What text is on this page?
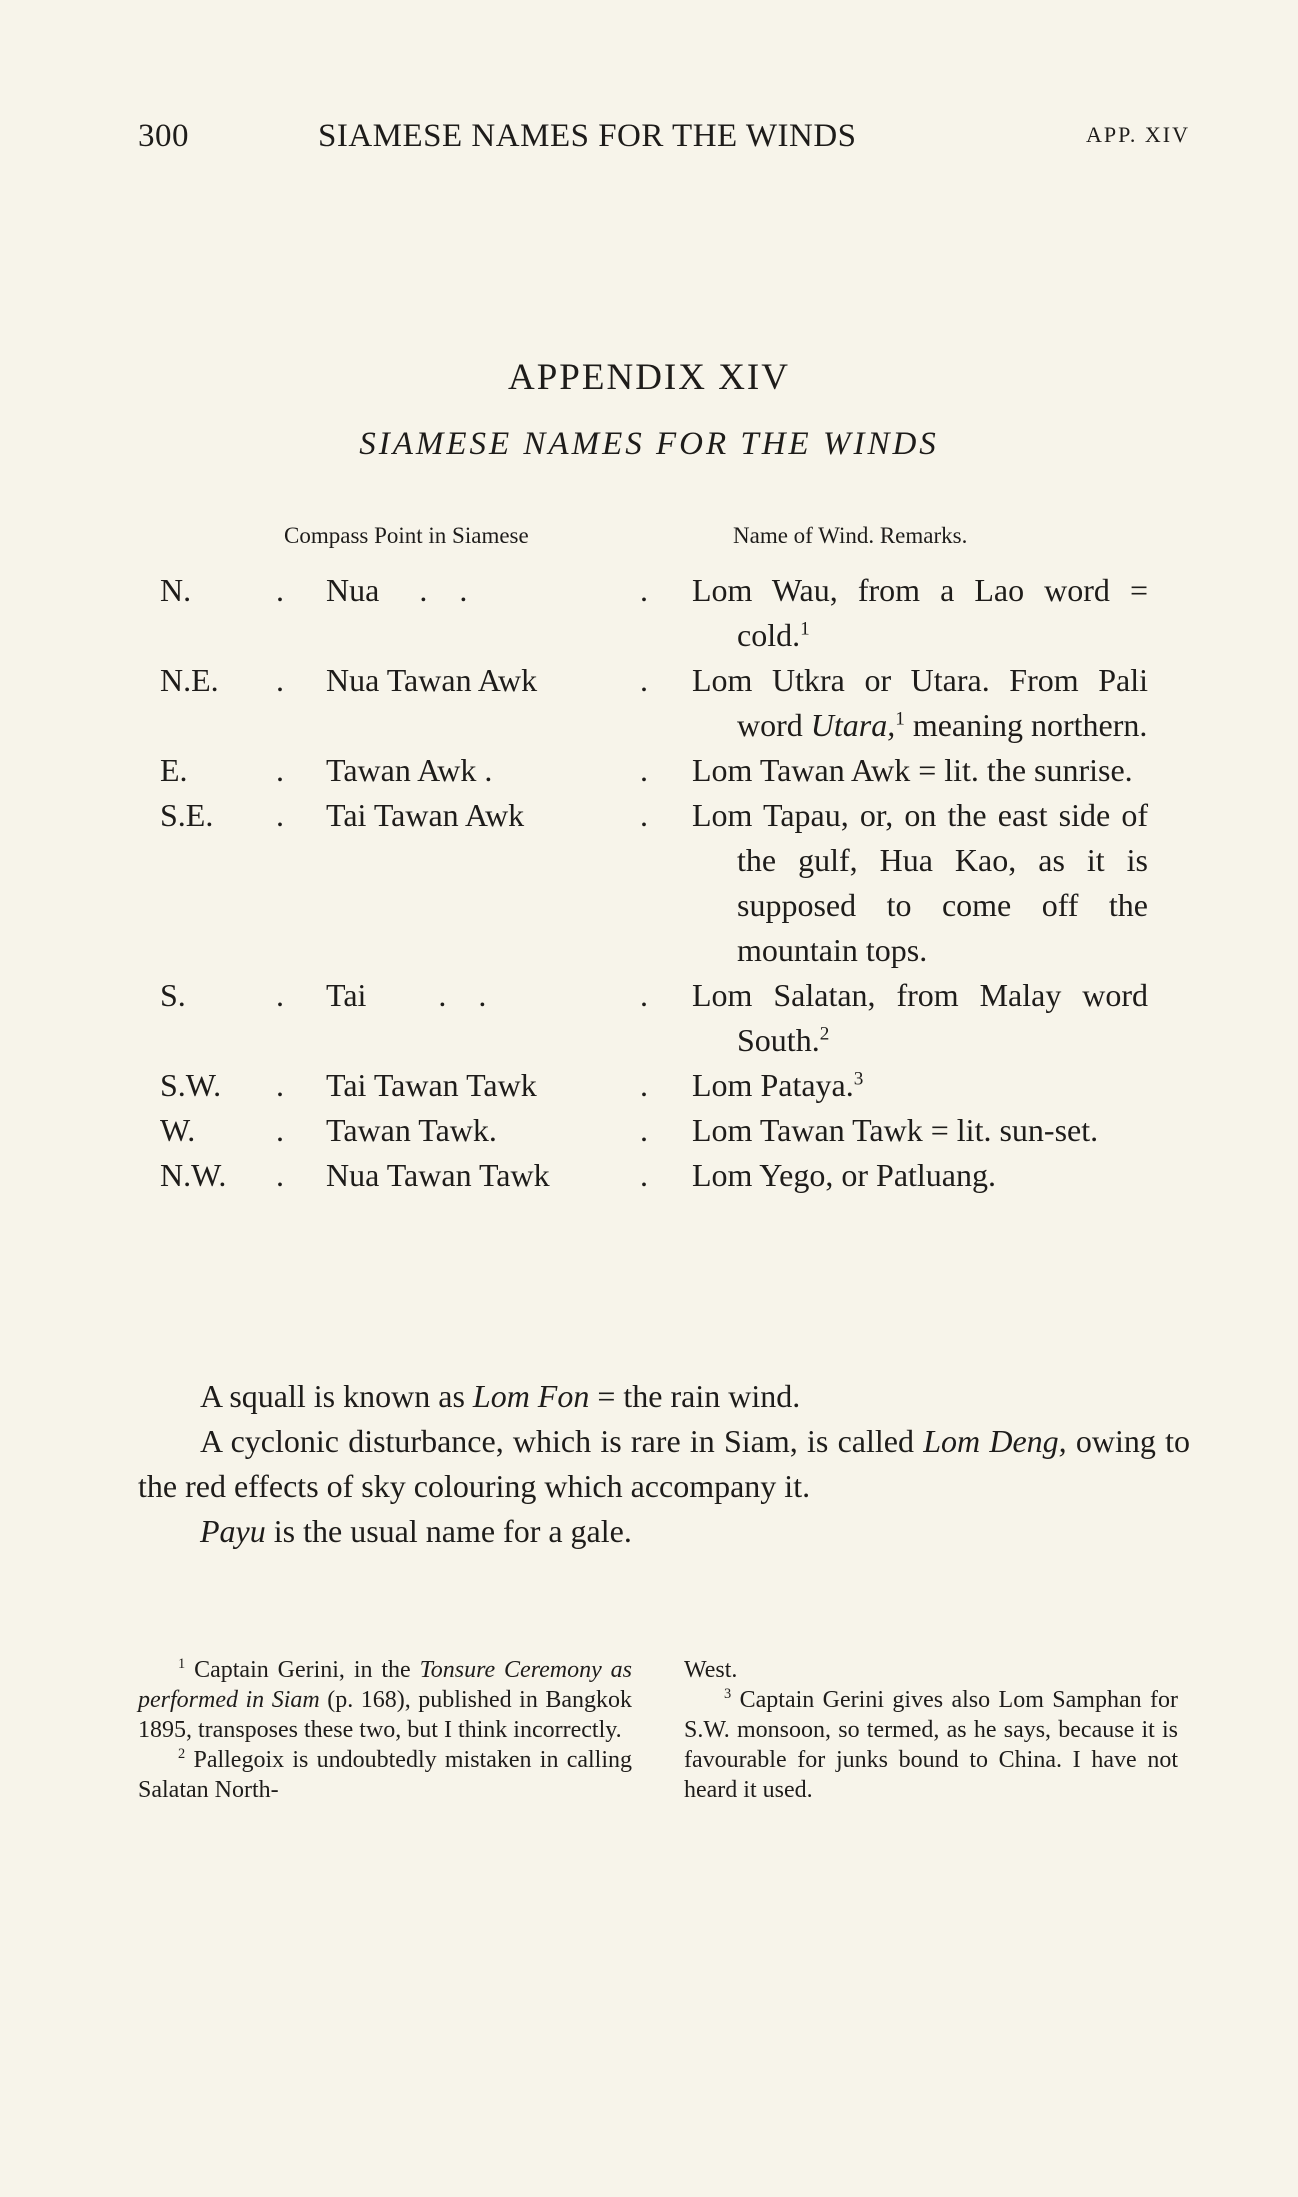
300	SIAMESE NAMES FOR THE WINDS	APP. XIV
APPENDIX XIV
SIAMESE NAMES FOR THE WINDS
Compass Point in Siamese	Name of Wind. Remarks.
N.	. Nua     .    .	. Lom Wau, from a Lao word = cold.$^1$

N.E. . Nua Tawan Awk	. Lom Utkra or Utara. From Pali word Utara,$^1$ meaning northern.

E.	. Tawan Awk .	. Lom Tawan Awk = lit. the sunrise.

S.E. . Tai Tawan Awk	. Lom Tapau, or, on the east side of the gulf, Hua Kao, as it is supposed to come off the mountain tops.

S.	. Tai         .    .	. Lom Salatan, from Malay word South.$^2$

S.W. . Tai Tawan Tawk	. Lom Pataya.$^3$

W.	. Tawan Tawk.	. Lom Tawan Tawk = lit. sun-set.

N.W. . Nua Tawan Tawk	. Lom Yego, or Patluang.

A squall is known as Lom Fon = the rain wind.

A cyclonic disturbance, which is rare in Siam, is called Lom Deng, owing to the red effects of sky colouring which accompany it.

Payu is the usual name for a gale.

$^1$ Captain Gerini, in the Tonsure Ceremony as performed in Siam (p. 168), published in Bangkok 1895, transposes these two, but I think incorrectly.

$^2$ Pallegoix is undoubtedly mistaken in calling Salatan North-

West.

$^3$ Captain Gerini gives also Lom Samphan for S.W. monsoon, so termed, as he says, because it is favourable for junks bound to China. I have not heard it used.
